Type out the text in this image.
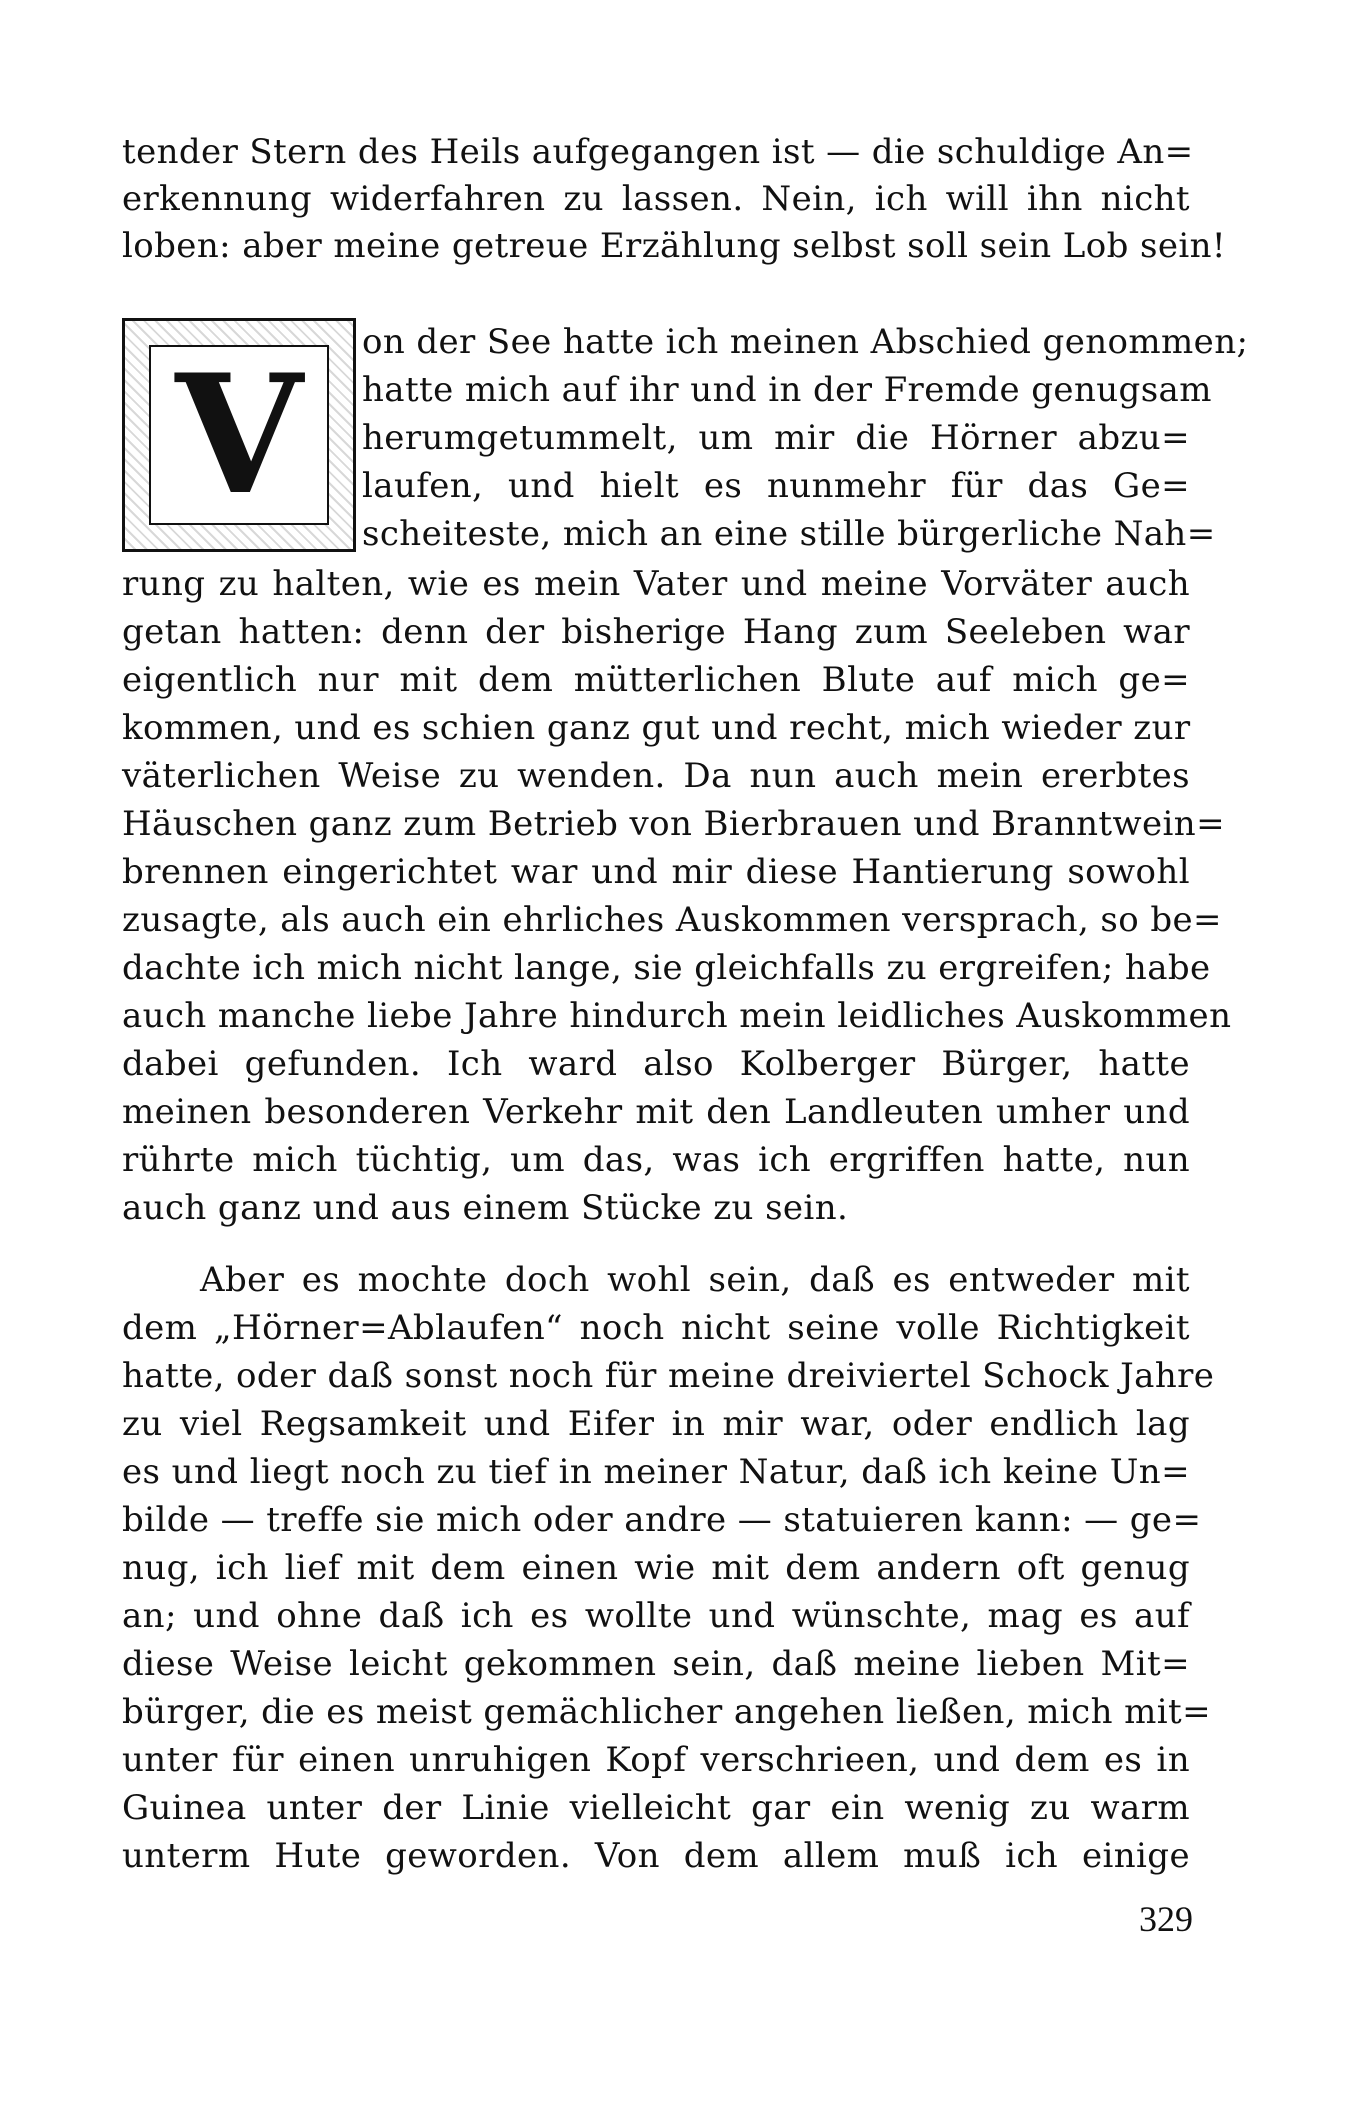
tender Stern des Heils aufgegangen ist — die schuldige An=
erkennung widerfahren zu lassen. Nein, ich will ihn nicht
loben: aber meine getreue Erzählung selbst soll sein Lob sein!
V	on der See hatte ich meinen Abschied genommen;
hatte mich auf ihr und in der Fremde genugsam
herumgetummelt, um mir die Hörner abzu=
laufen, und hielt es nunmehr für das Ge=
scheiteste, mich an eine stille bürgerliche Nah=
rung zu halten, wie es mein Vater und meine Vorväter auch
getan hatten: denn der bisherige Hang zum Seeleben war
eigentlich nur mit dem mütterlichen Blute auf mich ge=
kommen, und es schien ganz gut und recht, mich wieder zur
väterlichen Weise zu wenden. Da nun auch mein ererbtes
Häuschen ganz zum Betrieb von Bierbrauen und Branntwein=
brennen eingerichtet war und mir diese Hantierung sowohl
zusagte, als auch ein ehrliches Auskommen versprach, so be=
dachte ich mich nicht lange, sie gleichfalls zu ergreifen; habe
auch manche liebe Jahre hindurch mein leidliches Auskommen
dabei gefunden. Ich ward also Kolberger Bürger, hatte
meinen besonderen Verkehr mit den Landleuten umher und
rührte mich tüchtig, um das, was ich ergriffen hatte, nun
auch ganz und aus einem Stücke zu sein.
Aber es mochte doch wohl sein, daß es entweder mit
dem „Hörner=Ablaufen“ noch nicht seine volle Richtigkeit
hatte, oder daß sonst noch für meine dreiviertel Schock Jahre
zu viel Regsamkeit und Eifer in mir war, oder endlich lag
es und liegt noch zu tief in meiner Natur, daß ich keine Un=
bilde — treffe sie mich oder andre — statuieren kann: — ge=
nug, ich lief mit dem einen wie mit dem andern oft genug
an; und ohne daß ich es wollte und wünschte, mag es auf
diese Weise leicht gekommen sein, daß meine lieben Mit=
bürger, die es meist gemächlicher angehen ließen, mich mit=
unter für einen unruhigen Kopf verschrieen, und dem es in
Guinea unter der Linie vielleicht gar ein wenig zu warm
unterm Hute geworden. Von dem allem muß ich einige
329
